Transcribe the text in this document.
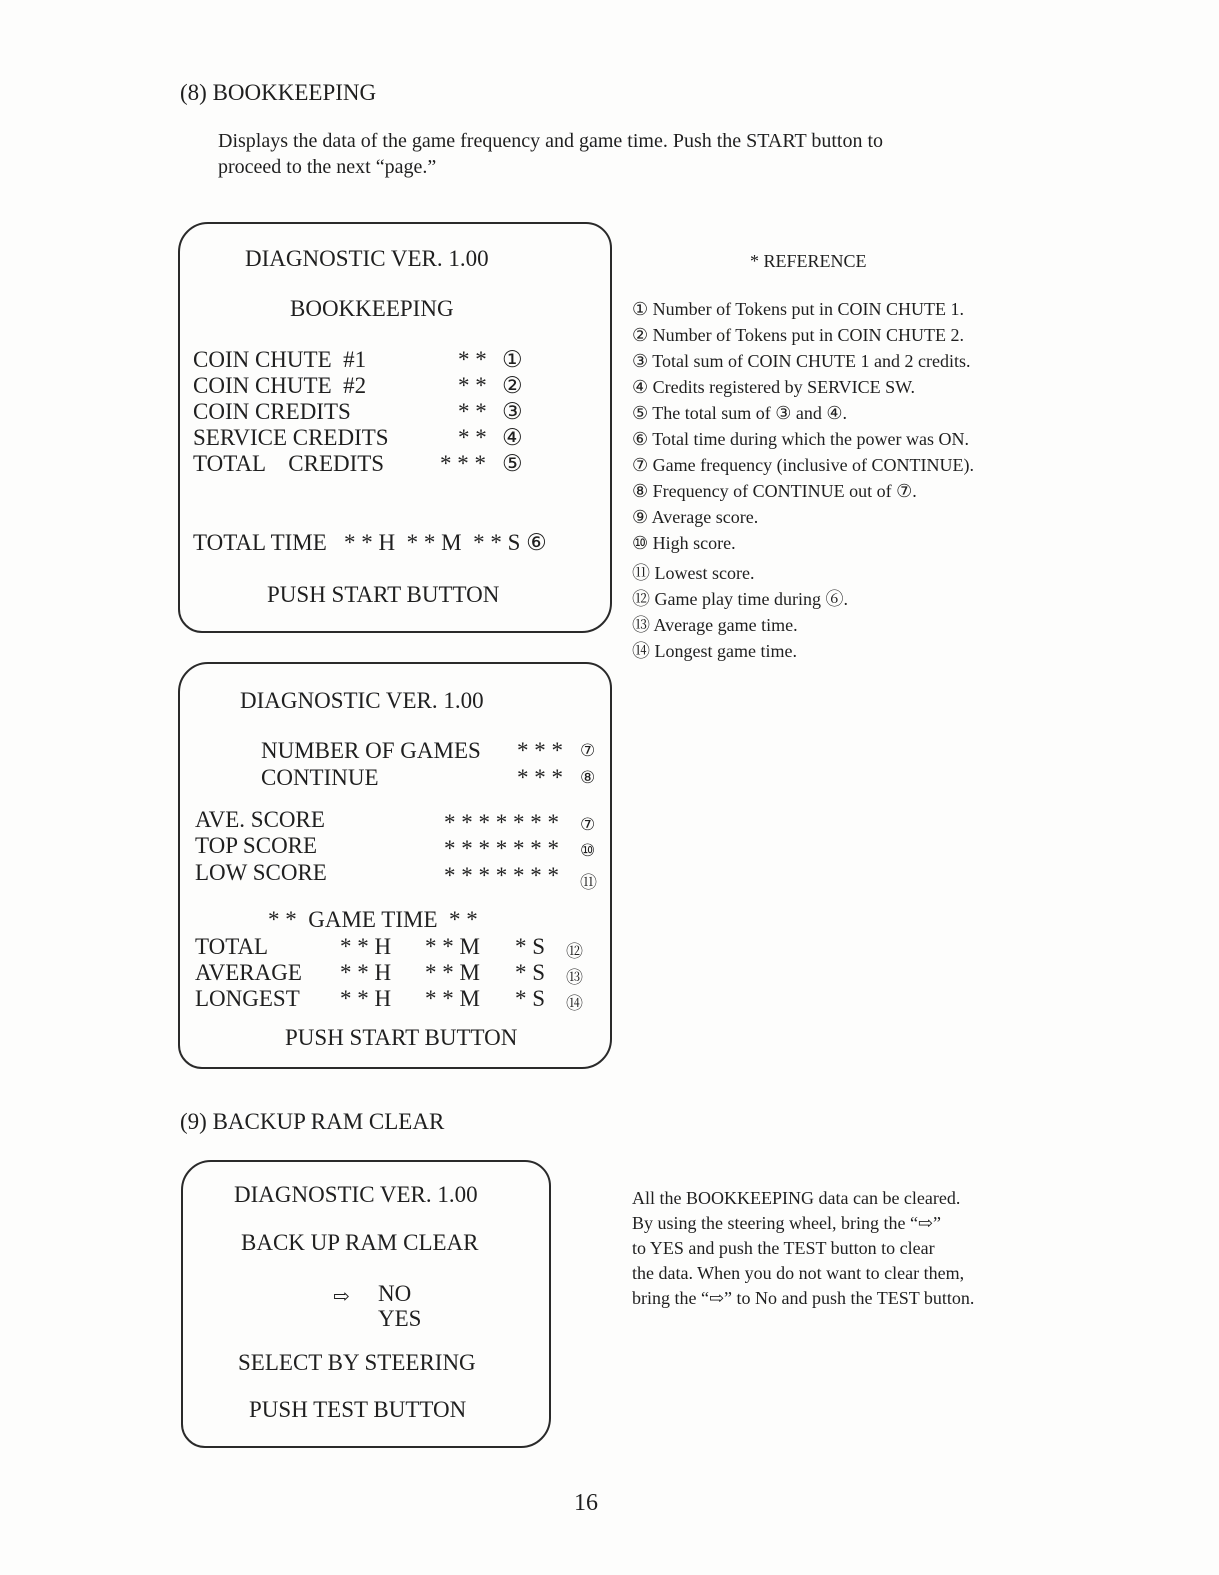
(8) BOOKKEEPING
Displays the data of the game frequency and game time. Push the START button to
proceed to the next “page.”
DIAGNOSTIC VER. 1.00
BOOKKEEPING
COIN CHUTE  #1	* * ①
COIN CHUTE  #2	* * ②
COIN CREDITS	* * ③
SERVICE CREDITS	* * ④
TOTAL    CREDITS * * * ⑤
TOTAL TIME   * * H  * * M  * * S ⑥
PUSH START BUTTON
* REFERENCE
① Number of Tokens put in COIN CHUTE 1.
② Number of Tokens put in COIN CHUTE 2.
③ Total sum of COIN CHUTE 1 and 2 credits.
④ Credits registered by SERVICE SW.
⑤ The total sum of ③ and ④.
⑥ Total time during which the power was ON.
⑦ Game frequency (inclusive of CONTINUE).
⑧ Frequency of CONTINUE out of ⑦.
⑨ Average score.
⑩ High score.
⑪ Lowest score.
⑫ Game play time during ⑥.
⑬ Average game time.
⑭ Longest game time.
DIAGNOSTIC VER. 1.00
NUMBER OF GAMES * * * ⑦
CONTINUE	* * * ⑧
AVE. SCORE	* * * * * * * ⑦
TOP SCORE	* * * * * * * ⑩
LOW SCORE	* * * * * * * ⑪
* *  GAME TIME  * *
TOTAL	* * H * * M * S ⑫
AVERAGE * * H * * M * S ⑬
LONGEST * * H * * M * S ⑭
PUSH START BUTTON
(9) BACKUP RAM CLEAR
DIAGNOSTIC VER. 1.00
BACK UP RAM CLEAR
⇨ NO
YES
SELECT BY STEERING
PUSH TEST BUTTON
All the BOOKKEEPING data can be cleared.
By using the steering wheel, bring the “⇨”
to YES and push the TEST button to clear
the data. When you do not want to clear them,
bring the “⇨” to No and push the TEST button.
16
